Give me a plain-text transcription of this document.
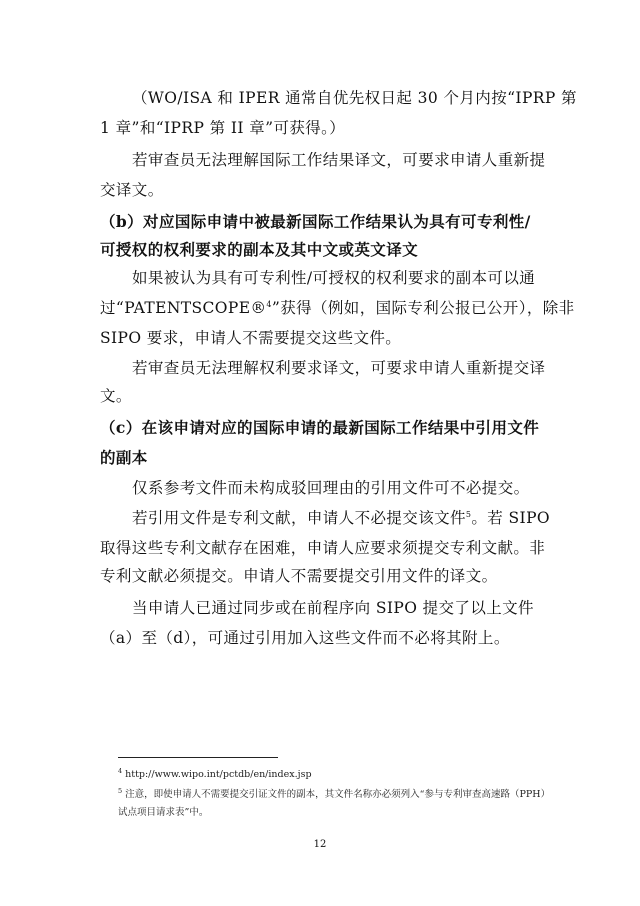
（WO/ISA 和 IPER 通常自优先权日起 30 个月内按“IPRP 第
1 章”和“IPRP 第 II 章”可获得。）
若审查员无法理解国际工作结果译文，可要求申请人重新提
交译文。
（b）对应国际申请中被最新国际工作结果认为具有可专利性/
可授权的权利要求的副本及其中文或英文译文
如果被认为具有可专利性/可授权的权利要求的副本可以通
过“PATENTSCOPE®$^4$”获得（例如，国际专利公报已公开），除非
SIPO 要求，申请人不需要提交这些文件。
若审查员无法理解权利要求译文，可要求申请人重新提交译
文。
（c）在该申请对应的国际申请的最新国际工作结果中引用文件
的副本
仅系参考文件而未构成驳回理由的引用文件可不必提交。
若引用文件是专利文献，申请人不必提交该文件$^5$。若 SIPO
取得这些专利文献存在困难，申请人应要求须提交专利文献。非
专利文献必须提交。申请人不需要提交引用文件的译文。
当申请人已通过同步或在前程序向 SIPO 提交了以上文件
（a）至（d），可通过引用加入这些文件而不必将其附上。
$^4$ http://www.wipo.int/pctdb/en/index.jsp
$^5$ 注意，即使申请人不需要提交引证文件的副本，其文件名称亦必须列入“参与专利审查高速路（PPH）
试点项目请求表”中。
12
